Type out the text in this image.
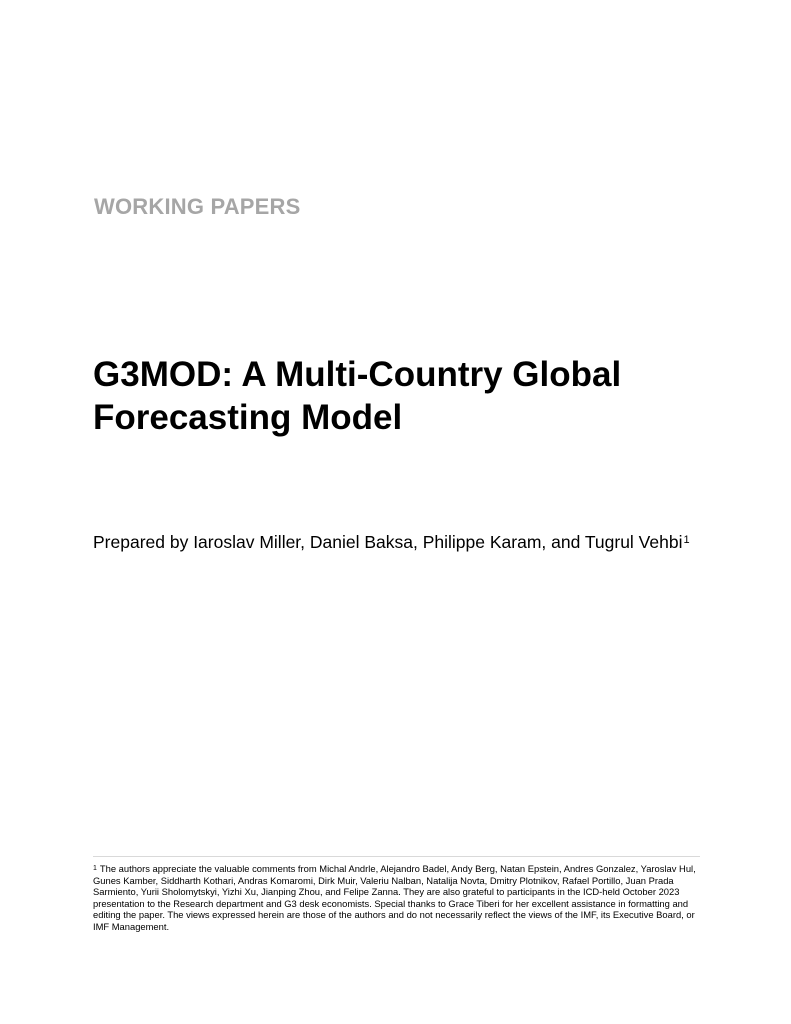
WORKING PAPERS

G3MOD: A Multi-Country Global
Forecasting Model

Prepared by Iaroslav Miller, Daniel Baksa, Philippe Karam, and Tugrul Vehbi$^1$

$^1$ The authors appreciate the valuable comments from Michal Andrle, Alejandro Badel, Andy Berg, Natan Epstein, Andres Gonzalez, Yaroslav Hul, Gunes Kamber, Siddharth Kothari, Andras Komaromi, Dirk Muir, Valeriu Nalban, Natalija Novta, Dmitry Plotnikov, Rafael Portillo, Juan Prada Sarmiento, Yurii Sholomytskyi, Yizhi Xu, Jianping Zhou, and Felipe Zanna. They are also grateful to participants in the ICD-held October 2023 presentation to the Research department and G3 desk economists. Special thanks to Grace Tiberi for her excellent assistance in formatting and editing the paper. The views expressed herein are those of the authors and do not necessarily reflect the views of the IMF, its Executive Board, or IMF Management.
